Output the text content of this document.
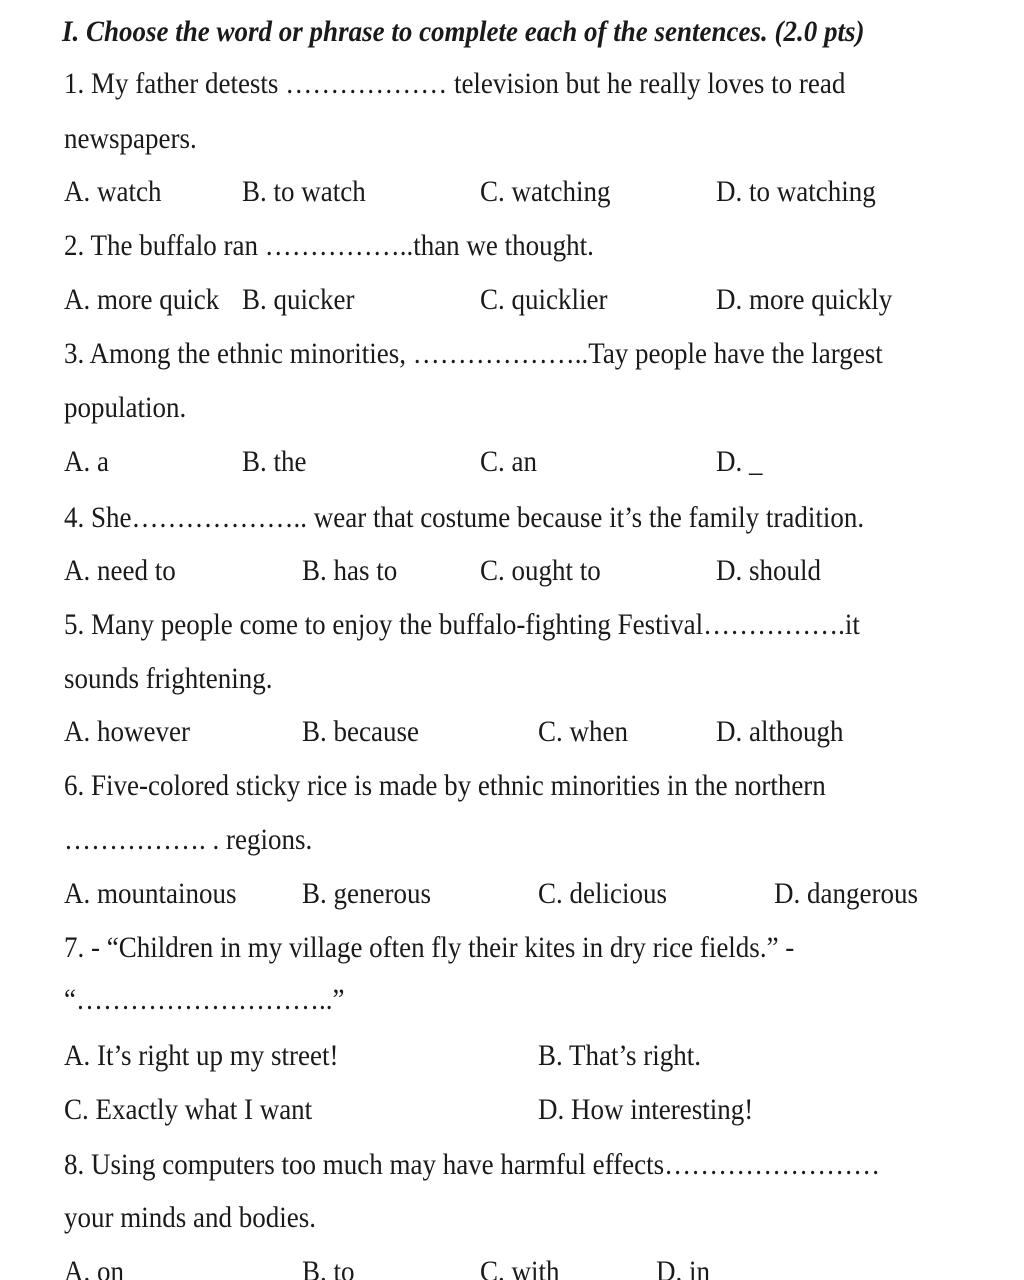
I. Choose the word or phrase to complete each of the sentences. (2.0 pts)
1. My father detests ……………… television but he really loves to read
newspapers.
A. watch	B. to watch	C. watching	D. to watching
2. The buffalo ran ……………..than we thought.
A. more quick B. quicker	C. quicklier	D. more quickly
3. Among the ethnic minorities, ………………..Tay people have the largest
population.
A. a	B. the	C. an	D. _
4. She……………….. wear that costume because it’s the family tradition.
A. need to	B. has to	C. ought to	D. should
5. Many people come to enjoy the buffalo-fighting Festival…………….it
sounds frightening.
A. however	B. because	C. when	D. although
6. Five-colored sticky rice is made by ethnic minorities in the northern
……………. . regions.
A. mountainous B. generous	C. delicious	D. dangerous
7. - “Children in my village often fly their kites in dry rice fields.” -
“………………………..”
A. It’s right up my street!	B. That’s right.
C. Exactly what I want	D. How interesting!
8. Using computers too much may have harmful effects……………………
your minds and bodies.
A. on	B. to	C. with	D. in
